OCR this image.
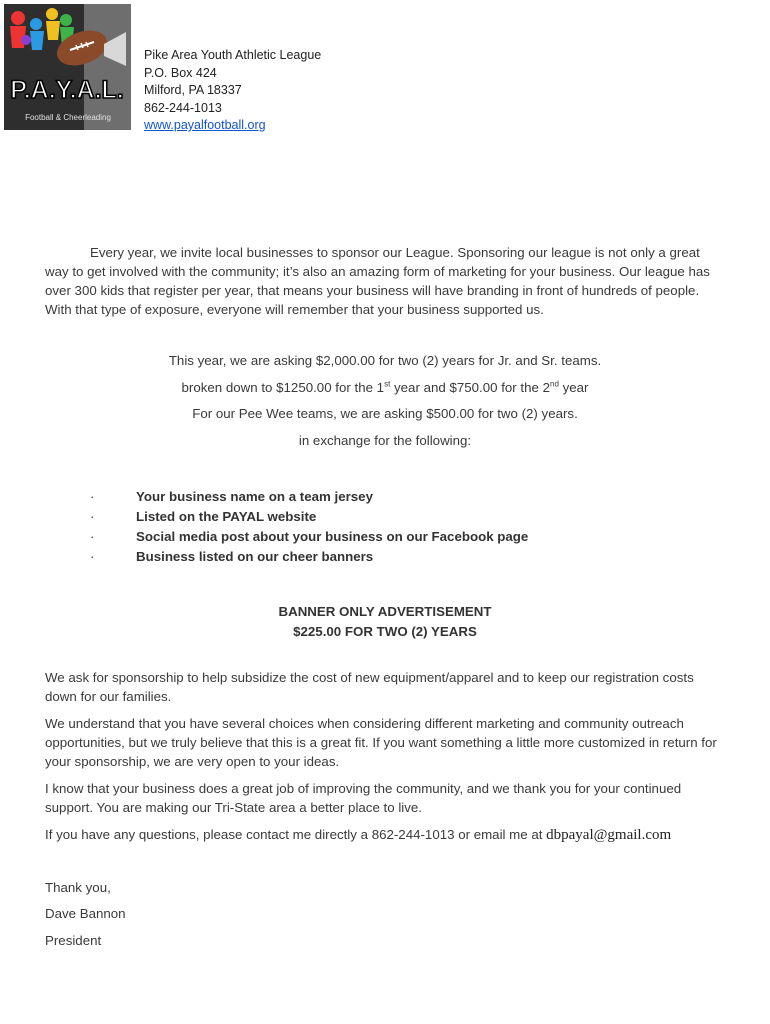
P.A.Y.A.L.
Football & Cheerleading
Pike Area Youth Athletic League
P.O. Box 424
Milford, PA 18337
862-244-1013
www.payalfootball.org
Every year, we invite local businesses to sponsor our League. Sponsoring our league is not only a great way to get involved with the community; it’s also an amazing form of marketing for your business. Our league has over 300 kids that register per year, that means your business will have branding in front of hundreds of people. With that type of exposure, everyone will remember that your business supported us.
This year, we are asking $2,000.00 for two (2) years for Jr. and Sr. teams.
broken down to $1250.00 for the 1st year and $750.00 for the 2nd year
For our Pee Wee teams, we are asking $500.00 for two (2) years.
in exchange for the following:
·	Your business name on a team jersey
·	Listed on the PAYAL website
·	Social media post about your business on our Facebook page
·	Business listed on our cheer banners
BANNER ONLY ADVERTISEMENT
$225.00 FOR TWO (2) YEARS
We ask for sponsorship to help subsidize the cost of new equipment/apparel and to keep our registration costs down for our families.
We understand that you have several choices when considering different marketing and community outreach opportunities, but we truly believe that this is a great fit. If you want something a little more customized in return for your sponsorship, we are very open to your ideas.
I know that your business does a great job of improving the community, and we thank you for your continued support. You are making our Tri-State area a better place to live.
If you have any questions, please contact me directly a 862-244-1013 or email me at dbpayal@gmail.com
Thank you,
Dave Bannon
President
